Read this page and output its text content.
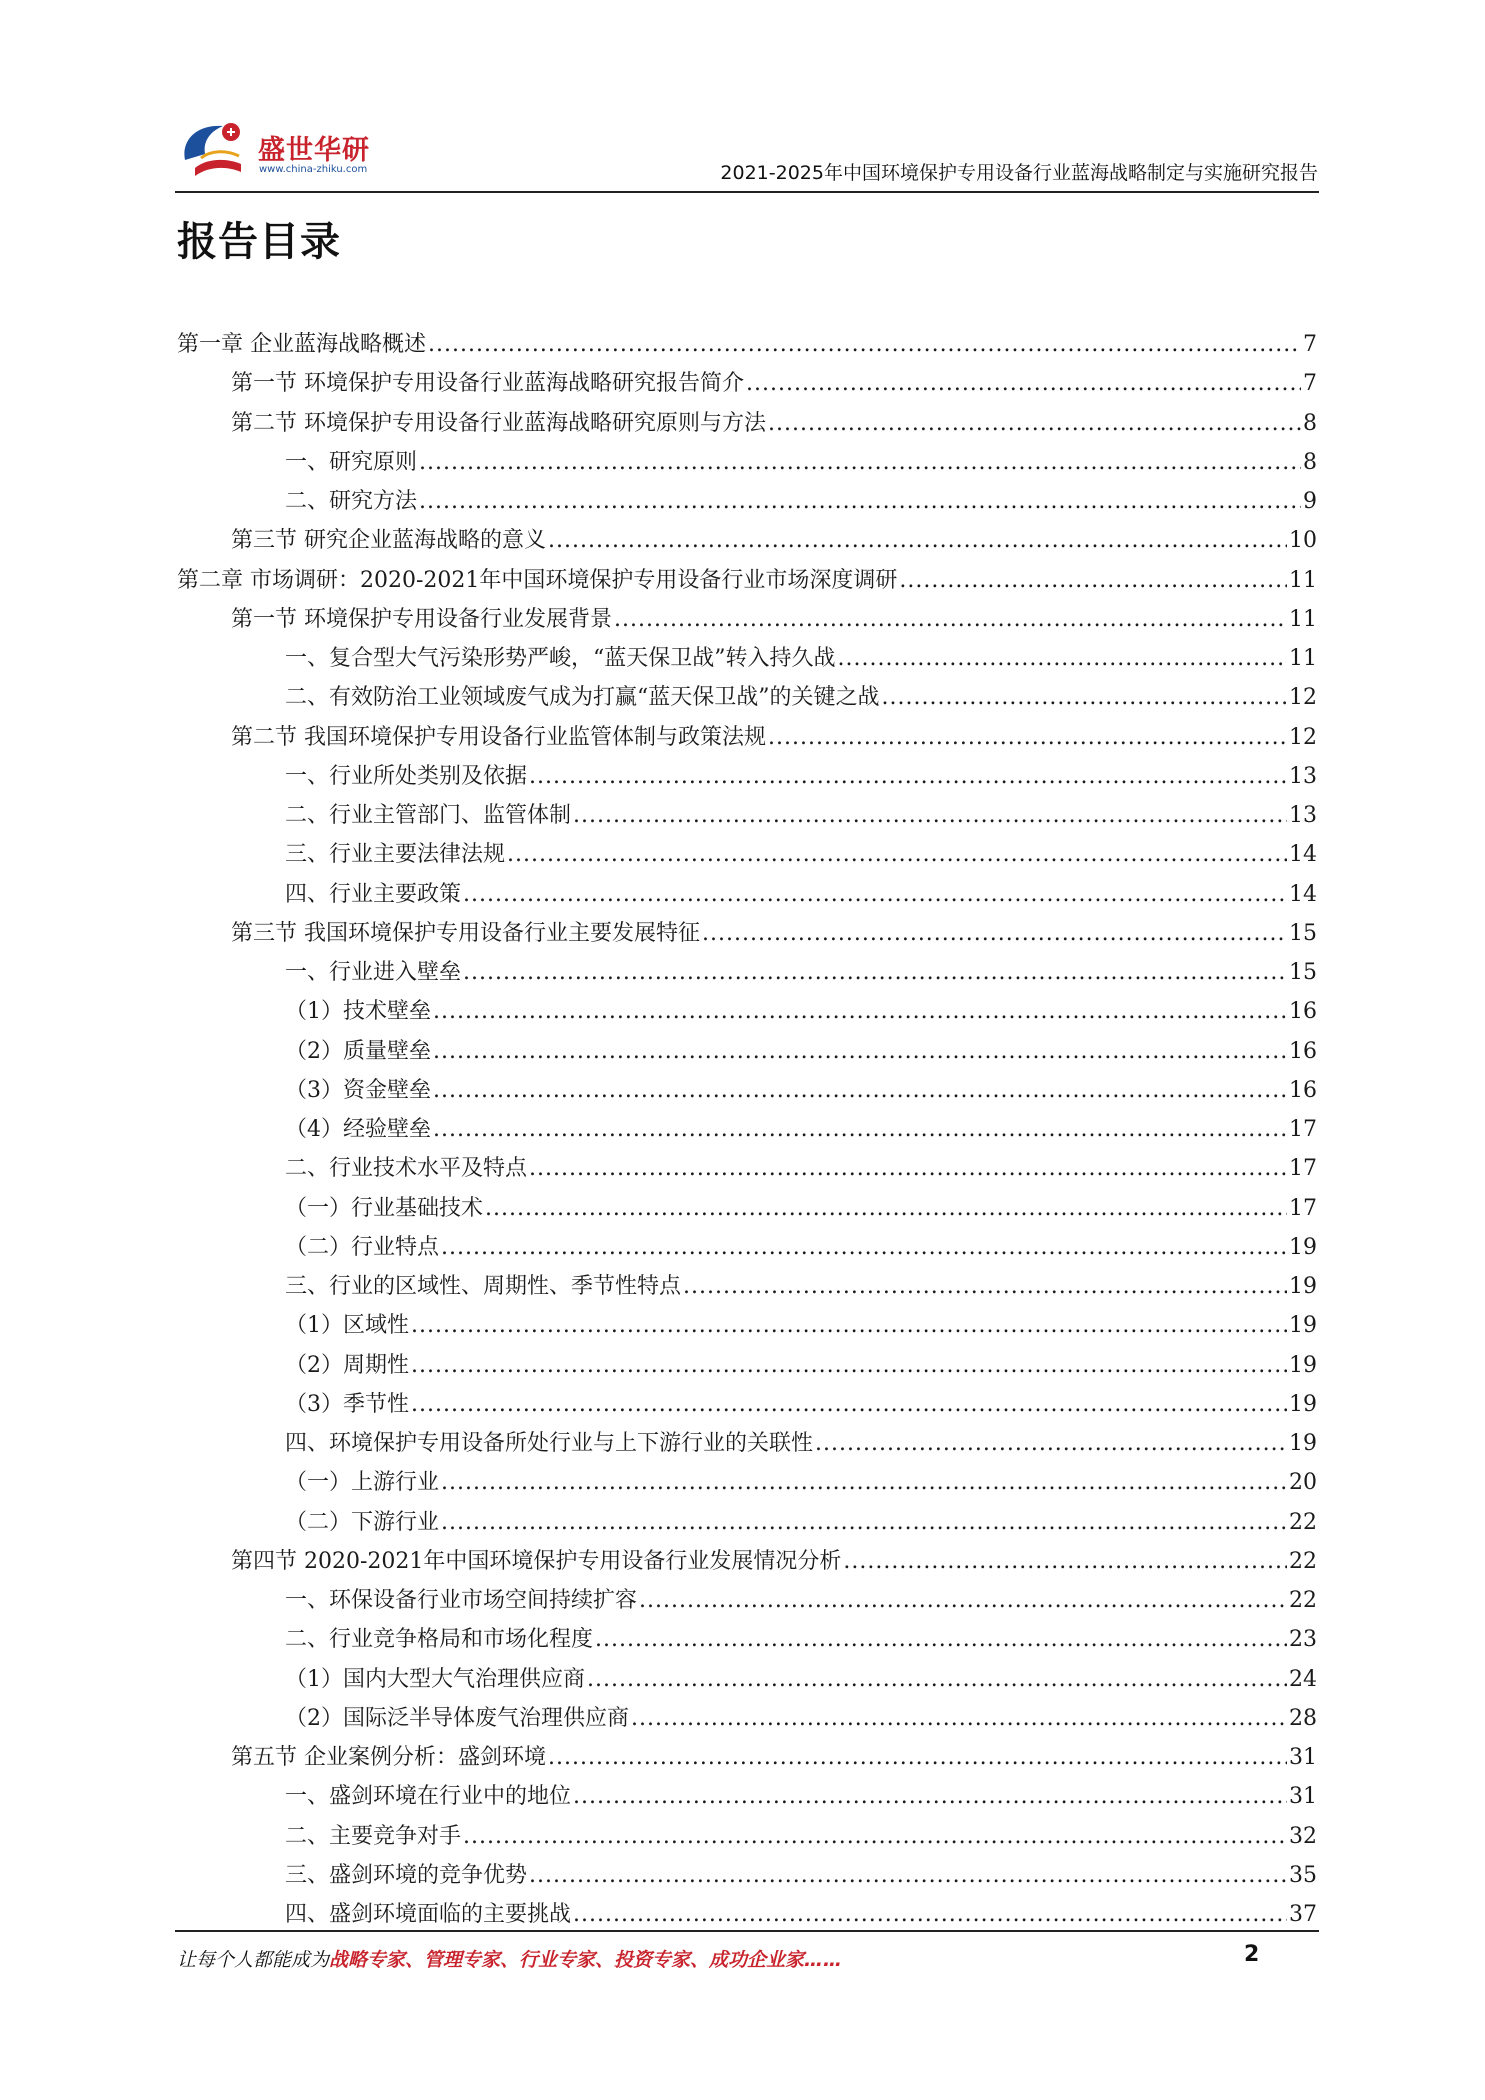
盛世华研
www.china-zhiku.com	2021-2025年中国环境保护专用设备行业蓝海战略制定与实施研究报告
报告目录
第一章 企业蓝海战略概述 .....	7
第一节 环境保护专用设备行业蓝海战略研究报告简介 .....	7
第二节 环境保护专用设备行业蓝海战略研究原则与方法 .....	8
一、研究原则 .....	8
二、研究方法 .....	9
第三节 研究企业蓝海战略的意义 .....	10
第二章 市场调研：2020-2021年中国环境保护专用设备行业市场深度调研 .....	11
第一节 环境保护专用设备行业发展背景 .....	11
一、复合型大气污染形势严峻，“蓝天保卫战”转入持久战 .....	11
二、有效防治工业领域废气成为打赢“蓝天保卫战”的关键之战 .....	12
第二节 我国环境保护专用设备行业监管体制与政策法规 .....	12
一、行业所处类别及依据 .....	13
二、行业主管部门、监管体制 .....	13
三、行业主要法律法规 .....	14
四、行业主要政策 .....	14
第三节 我国环境保护专用设备行业主要发展特征 .....	15
一、行业进入壁垒 .....	15
（1）技术壁垒 .....	16
（2）质量壁垒 .....	16
（3）资金壁垒 .....	16
（4）经验壁垒 .....	17
二、行业技术水平及特点 .....	17
（一）行业基础技术 .....	17
（二）行业特点 .....	19
三、行业的区域性、周期性、季节性特点 .....	19
（1）区域性 .....	19
（2）周期性 .....	19
（3）季节性 .....	19
四、环境保护专用设备所处行业与上下游行业的关联性 .....	19
（一）上游行业 .....	20
（二）下游行业 .....	22
第四节 2020-2021年中国环境保护专用设备行业发展情况分析 .....	22
一、环保设备行业市场空间持续扩容 .....	22
二、行业竞争格局和市场化程度 .....	23
（1）国内大型大气治理供应商 .....	24
（2）国际泛半导体废气治理供应商 .....	28
第五节 企业案例分析：盛剑环境 .....	31
一、盛剑环境在行业中的地位 .....	31
二、主要竞争对手 .....	32
三、盛剑环境的竞争优势 .....	35
四、盛剑环境面临的主要挑战 .....	37
让每个人都能成为战略专家、管理专家、行业专家、投资专家、成功企业家……	2
